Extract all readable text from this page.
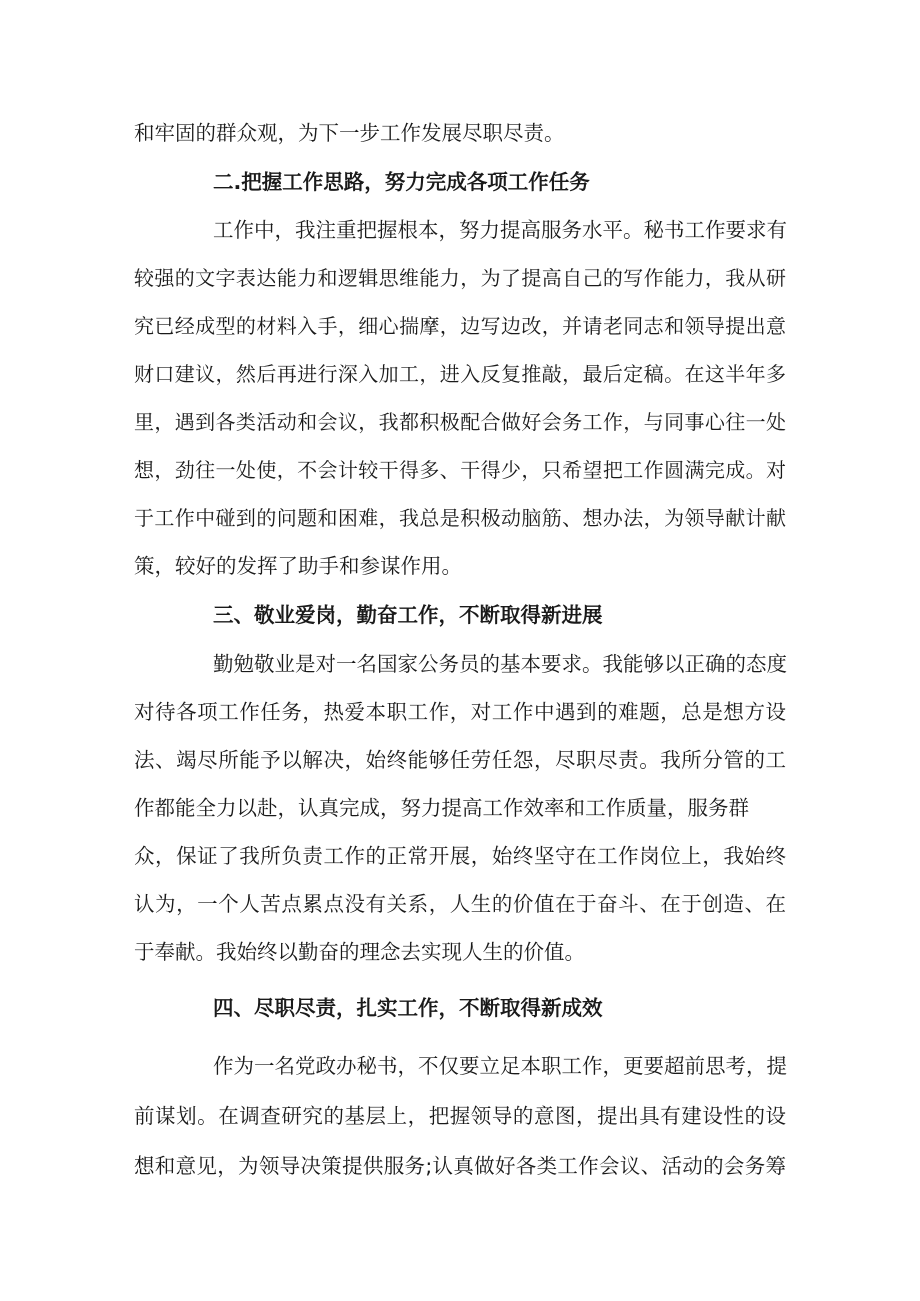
和牢固的群众观，为下一步工作发展尽职尽责。

二.把握工作思路，努力完成各项工作任务

工作中，我注重把握根本，努力提高服务水平。秘书工作要求有

较强的文字表达能力和逻辑思维能力，为了提高自己的写作能力，我从研

究已经成型的材料入手，细心揣摩，边写边改，并请老同志和领导提出意

财口建议，然后再进行深入加工，进入反复推敲，最后定稿。在这半年多

里，遇到各类活动和会议，我都积极配合做好会务工作，与同事心往一处

想，劲往一处使，不会计较干得多、干得少，只希望把工作圆满完成。对

于工作中碰到的问题和困难，我总是积极动脑筋、想办法，为领导献计献

策，较好的发挥了助手和参谋作用。

三、敬业爱岗，勤奋工作，不断取得新进展

勤勉敬业是对一名国家公务员的基本要求。我能够以正确的态度

对待各项工作任务，热爱本职工作，对工作中遇到的难题，总是想方设

法、竭尽所能予以解决，始终能够任劳任怨，尽职尽责。我所分管的工

作都能全力以赴，认真完成，努力提高工作效率和工作质量，服务群

众，保证了我所负责工作的正常开展，始终坚守在工作岗位上，我始终

认为，一个人苦点累点没有关系，人生的价值在于奋斗、在于创造、在

于奉献。我始终以勤奋的理念去实现人生的价值。

四、尽职尽责，扎实工作，不断取得新成效

作为一名党政办秘书，不仅要立足本职工作，更要超前思考，提

前谋划。在调查研究的基层上，把握领导的意图，提出具有建设性的设

想和意见，为领导决策提供服务;认真做好各类工作会议、活动的会务筹
